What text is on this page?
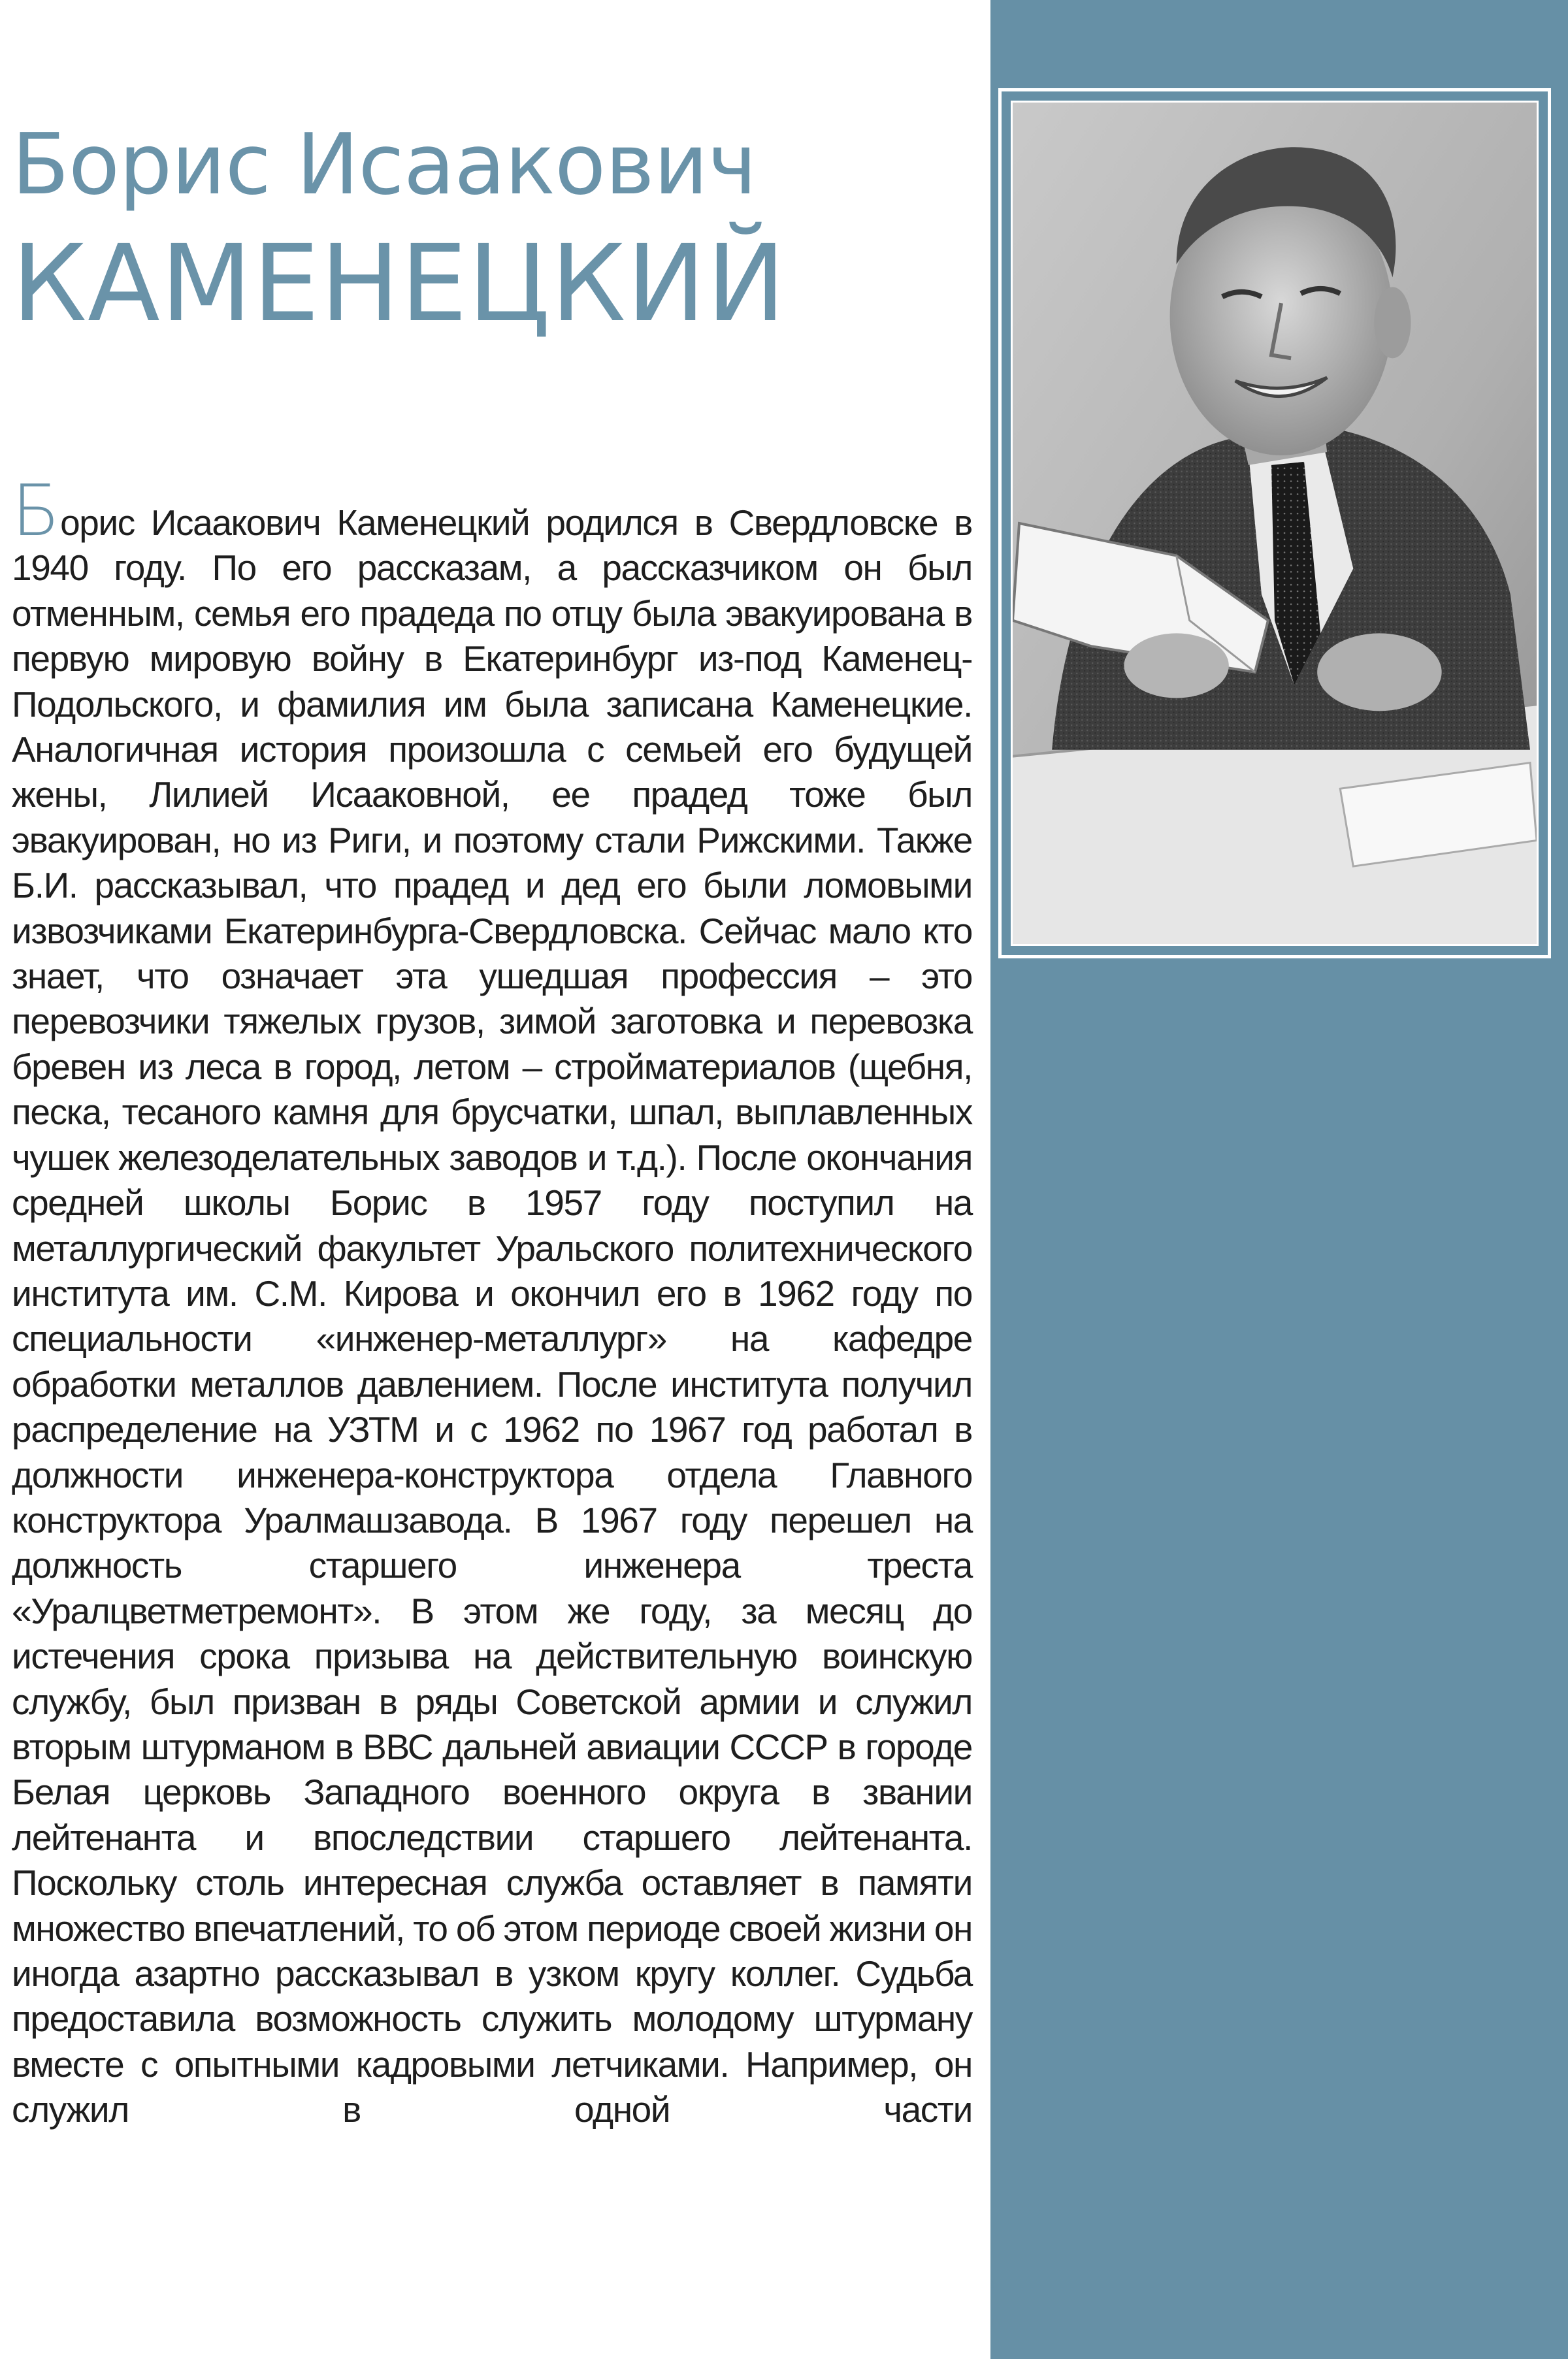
Борис Исаакович
КАМЕНЕЦКИЙ

Борис Исаакович Каменецкий родился в Свердловске в 1940 году. По его рассказам, а рассказчиком он был отменным, семья его прадеда по отцу была эвакуирована в первую мировую войну в Екатеринбург из-под Каменец-Подольского, и фамилия им была записана Каменецкие. Аналогичная история произошла с семьей его будущей жены, Лилией Исааковной, ее прадед тоже был эвакуирован, но из Риги, и поэтому стали Рижскими. Также Б.И. рассказывал, что прадед и дед его были ломовыми извозчиками Екатеринбурга-Свердловска. Сейчас мало кто знает, что означает эта ушедшая профессия – это перевозчики тяжелых грузов, зимой заготовка и перевозка бревен из леса в город, летом – стройматериалов (щебня, песка, тесаного камня для брусчатки, шпал, выплавленных чушек железоделательных заводов и т.д.). После окончания средней школы Борис в 1957 году поступил на металлургический факультет Уральского политехнического института им. С.М. Кирова и окончил его в 1962 году по специальности «инженер-металлург» на кафедре обработки металлов давлением. После института получил распределение на УЗТМ и с 1962 по 1967 год работал в должности инженера-конструктора отдела Главного конструктора Уралмашзавода. В 1967 году перешел на должность старшего инженера треста «Уралцветметремонт». В этом же году, за месяц до истечения срока призыва на действительную воинскую службу, был призван в ряды Советской армии и служил вторым штурманом в ВВС дальней авиации СССР в городе Белая церковь Западного военного округа в звании лейтенанта и впоследствии старшего лейтенанта. Поскольку столь интересная служба оставляет в памяти множество впечатлений, то об этом периоде своей жизни он иногда азартно рассказывал в узком кругу коллег. Судьба предоставила возможность служить молодому штурману вместе с опытными кадровыми летчиками. Например, он служил в одной части
